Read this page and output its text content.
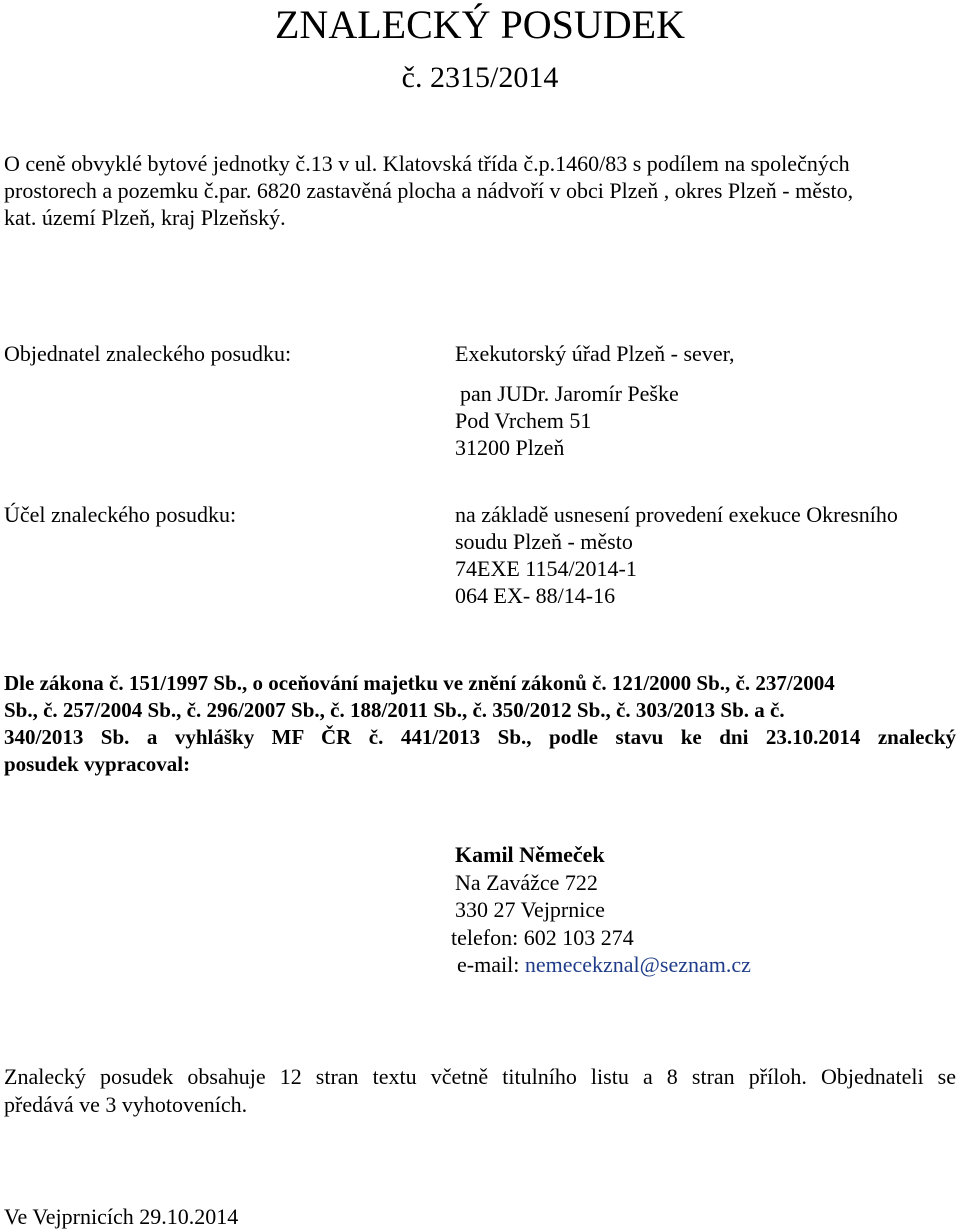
ZNALECKÝ POSUDEK
č. 2315/2014
O ceně obvyklé bytové jednotky č.13 v ul. Klatovská třída č.p.1460/83 s podílem na společných
prostorech a pozemku č.par. 6820 zastavěná plocha a nádvoří v obci Plzeň , okres Plzeň - město,
kat. území Plzeň, kraj Plzeňský.
Objednatel znaleckého posudku:	Exekutorský úřad Plzeň - sever,
pan JUDr. Jaromír Peške
Pod Vrchem 51
31200 Plzeň
Účel znaleckého posudku:	na základě usnesení provedení exekuce Okresního
soudu Plzeň - město
74EXE 1154/2014-1
064 EX- 88/14-16
Dle zákona č. 151/1997 Sb., o oceňování majetku ve znění zákonů č. 121/2000 Sb., č. 237/2004
Sb., č. 257/2004 Sb., č. 296/2007 Sb., č. 188/2011 Sb., č. 350/2012 Sb., č. 303/2013 Sb. a č.
340/2013 Sb. a vyhlášky MF ČR č. 441/2013 Sb., podle stavu ke dni 23.10.2014 znalecký
posudek vypracoval:
Kamil Němeček
Na Zavážce 722
330 27 Vejprnice
telefon: 602 103 274
e-mail: nemecekznal@seznam.cz
Znalecký posudek obsahuje 12 stran textu včetně titulního listu a 8 stran příloh. Objednateli se
předává ve 3 vyhotoveních.
Ve Vejprnicích 29.10.2014
